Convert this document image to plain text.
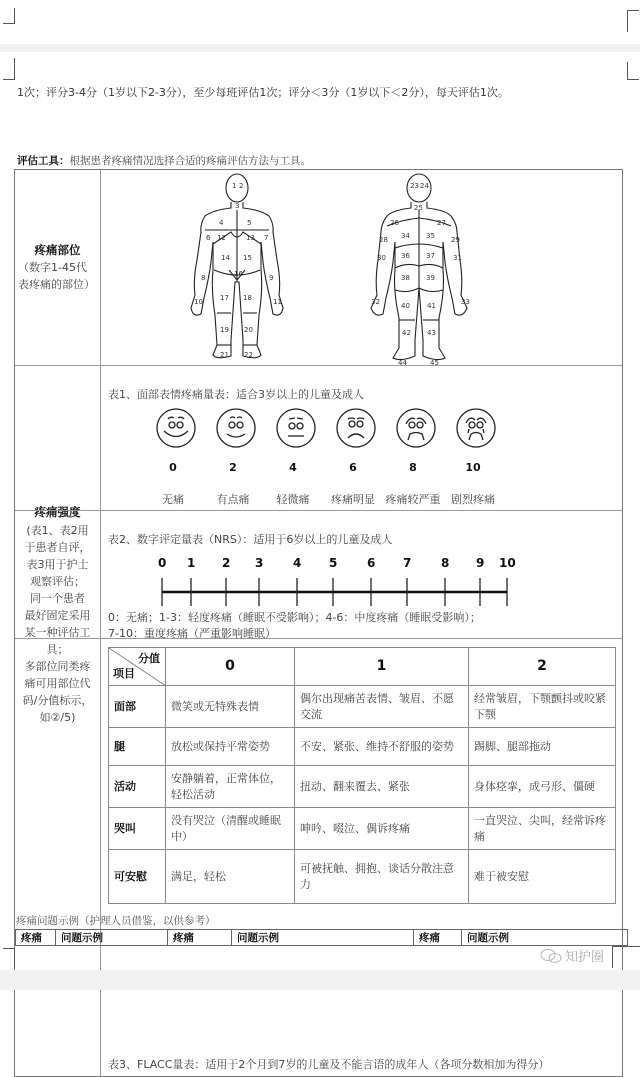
1次；评分3-4分（1岁以下2-3分），至少每班评估1次；评分＜3分（1岁以下＜2分），每天评估1次。
评估工具：根据患者疼痛情况选择合适的疼痛评估方法与工具。
疼痛部位
（数字1-45代表疼痛的部位）
1 2
3
4	5
6	7
12	13
14 15
8	9
16
10	11
17 18
19 20
21 22
23 24
25
26	27
28	29
34 35
36 37
30	31
38 39
32	33
40 41
42 43
44	45
疼痛强度
(表1、表2用
于患者自评，
表3用于护士
观察评估；
同一个患者
最好固定采用
某一种评估工
具；
多部位同类疼
痛可用部位代
码/分值标示，
如②/5)
表1、面部表情疼痛量表：适合3岁以上的儿童及成人
0	2	4	6	8	10
无痛	有点痛	轻微痛	疼痛明显 疼痛较严重 剧烈疼痛
表2、数字评定量表（NRS）：适用于6岁以上的儿童及成人
0 1 2 3 4 5 6 7 8 9 10
0：无痛；1-3：轻度疼痛（睡眠不受影响）；4-6：中度疼痛（睡眠受影响）；
7-10：重度疼痛（严重影响睡眠）
分值
项目	0	1	2
面部	微笑或无特殊表情	偶尔出现痛苦表情、皱眉、不愿交流	经常皱眉，下颚颤抖或咬紧下颚
腿	放松或保持平常姿势	不安、紧张、维持不舒服的姿势	踢脚、腿部拖动
活动	安静躺着，正常体位，轻松活动	扭动、翻来覆去、紧张	身体痉挛，成弓形、僵硬
哭叫	没有哭泣（清醒或睡眠中）	呻吟、啜泣、偶诉疼痛	一直哭泣、尖叫，经常诉疼痛
可安慰	满足，轻松	可被抚触、拥抱、谈话分散注意力	难于被安慰
表3、FLACC量表：适用于2个月到7岁的儿童及不能言语的成年人（各项分数相加为得分）
疼痛问题示例（护理人员借鉴，以供参考）
疼痛	问题示例	疼痛	问题示例	疼痛	问题示例
知护圈
